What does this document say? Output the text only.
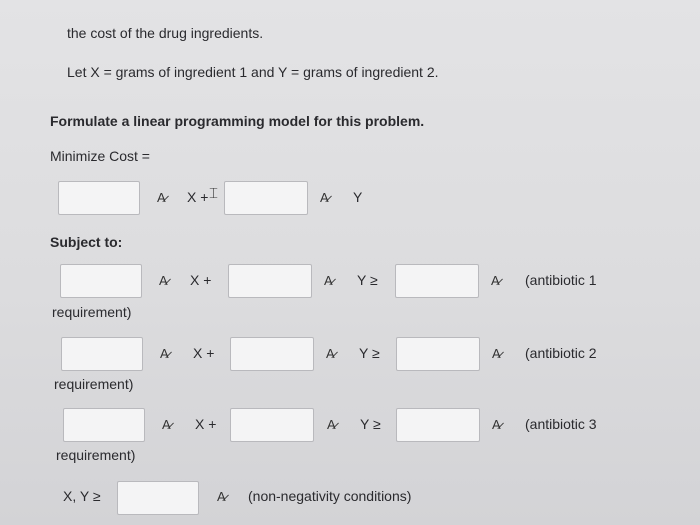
the cost of the drug ingredients.
Let X = grams of ingredient 1 and Y = grams of ingredient 2.
Formulate a linear programming model for this problem.
Minimize Cost =
A̷ X + ⌶	A̷ Y
Subject to:
A̷ X +	A̷ Y ≥	A̷ (antibiotic 1
requirement)
A̷ X +	A̷ Y ≥	A̷ (antibiotic 2
requirement)
A̷ X +	A̷ Y ≥	A̷ (antibiotic 3
requirement)
X, Y ≥	A̷ (non-negativity conditions)
